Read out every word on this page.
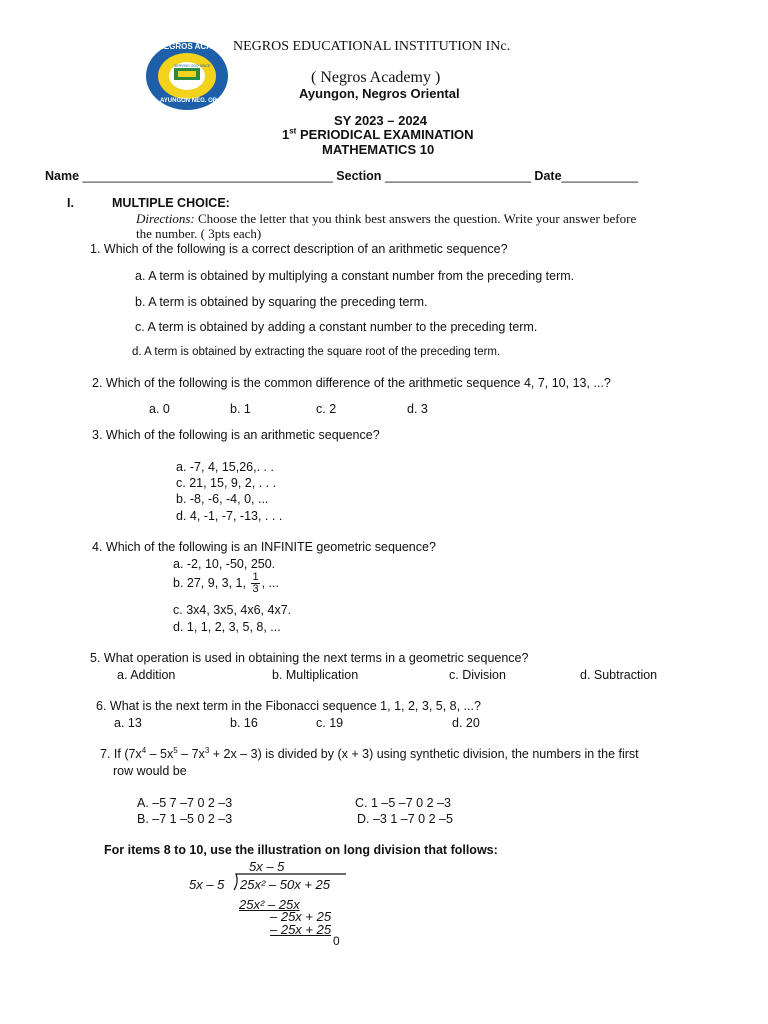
NEGROS ACADEMY
AYUNGON NEG. OR.
SERVING GOD SINCE
NEGROS EDUCATIONAL INSTITUTION INc.
( Negros Academy )
Ayungon, Negros Oriental
SY 2023 – 2024
1st PERIODICAL EXAMINATION
MATHEMATICS 10
Name ____________________________________ Section _____________________ Date___________
I.	MULTIPLE CHOICE:
Directions: Choose the letter that you think best answers the question. Write your answer before
the number. ( 3pts each)
1. Which of the following is a correct description of an arithmetic sequence?
a. A term is obtained by multiplying a constant number from the preceding term.
b. A term is obtained by squaring the preceding term.
c. A term is obtained by adding a constant number to the preceding term.
d. A term is obtained by extracting the square root of the preceding term.
2. Which of the following is the common difference of the arithmetic sequence 4, 7, 10, 13, ...?
a. 0	b. 1	c. 2	d. 3
3. Which of the following is an arithmetic sequence?
a. -7, 4, 15,26,. . .
c. 21, 15, 9, 2, . . .
b. -8, -6, -4, 0, ...
d. 4, -1, -7, -13, . . .
4. Which of the following is an INFINITE geometric sequence?
a. -2, 10, -50, 250.
b. 27, 9, 3, 1, $\frac{1}{3}$ , ...
c. 3x4, 3x5, 4x6, 4x7.
d. 1, 1, 2, 3, 5, 8, ...
5. What operation is used in obtaining the next terms in a geometric sequence?
a. Addition	b. Multiplication	c. Division	d. Subtraction
6. What is the next term in the Fibonacci sequence 1, 1, 2, 3, 5, 8, ...?
a. 13	b. 16	c. 19	d. 20
7. If $(7x^4 - 5x^5 - 7x^3 + 2x - 3)$ is divided by (x + 3) using synthetic division, the numbers in the first
row would be
A. –5 7 –7 0 2 –3	C. 1 –5 –7 0 2 –3
B. –7 1 –5 0 2 –3	D. –3 1 –7 0 2 –5
For items 8 to 10, use the illustration on long division that follows:
5x – 5
5x – 5 25x² – 50x + 25
25x² – 25x
– 25x + 25
– 25x + 25
0
